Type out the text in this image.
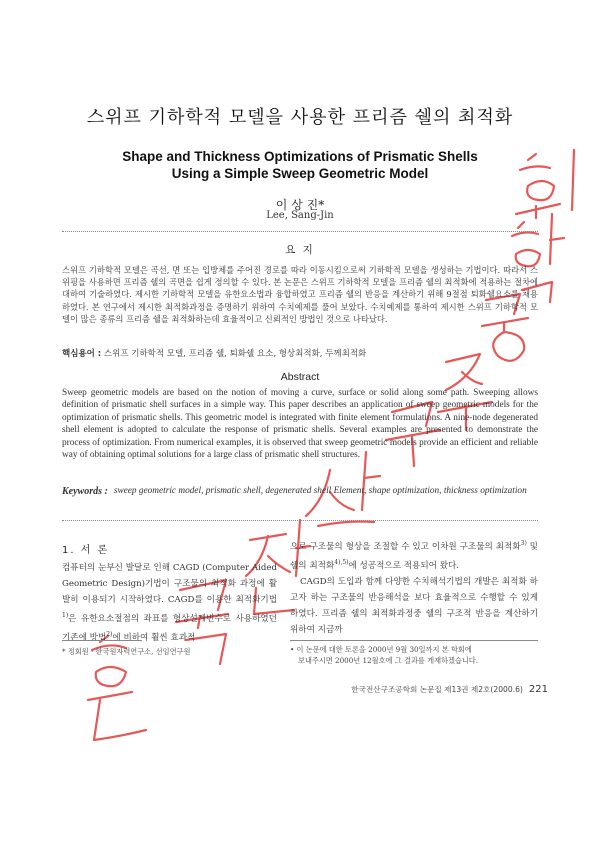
스위프 기하학적 모델을 사용한 프리즘 쉘의 최적화
Shape and Thickness Optimizations of Prismatic Shells
Using a Simple Sweep Geometric Model
이 상 진*
Lee, Sang-Jin
요 지
스위프 기하학적 모델은 곡선, 면 또는 입방체를 주어진 경로를 따라 이동시킴으로써 기하학적 모델을 생성하는 기법이다. 따라서 스위핑을 사용하면 프리즘 쉘의 곡면을 쉽게 정의할 수 있다. 본 논문은 스위프 기하학적 모델을 프리즘 쉘의 최적화에 적용하는 절차에 대하여 기술하였다. 제시한 기하학적 모델을 유한요소법과 융합하였고 프리즘 쉘의 반응을 계산하기 위해 9절점 퇴화쉘요소를 채용하였다. 본 연구에서 제시한 최적화과정을 증명하기 위하여 수치예제를 풀어 보았다. 수치예제를 통하여 제시한 스위프 기하학적 모델이 많은 종류의 프리즘 쉘을 최적화하는데 효율적이고 신뢰적인 방법인 것으로 나타났다.
핵심용어 : 스위프 기하학적 모델, 프리즘 쉘, 퇴화쉘 요소, 형상최적화, 두께최적화
Abstract
Sweep geometric models are based on the notion of moving a curve, surface or solid along some path. Sweeping allows definition of prismatic shell surfaces in a simple way. This paper describes an application of sweep geometric models for the optimization of prismatic shells. This geometric model is integrated with finite element formulations. A nine-node degenerated shell element is adopted to calculate the response of prismatic shells. Several examples are presented to demonstrate the process of optimization. From numerical examples, it is observed that sweep geometric models provide an efficient and reliable way of obtaining optimal solutions for a large class of prismatic shell structures.
Keywords : sweep geometric model, prismatic shell, degenerated shell Element, shape optimization, thickness optimization
1. 서 론
컴퓨터의 눈부신 발달로 인해 CAGD (Computer Aided Geometric Design)기법이 구조물의 최적화 과정에 활발히 이용되기 시작하였다. CAGD를 이용한 최적화기법$^{1)}$은 유한요소절점의 좌표를 형상설계변수로 사용하였던 기존에 방법$^{2)}$에 비하여 훨씬 효과적
으로 구조물의 형상을 조절할 수 있고 이차원 구조물의 최적화$^{3)}$ 및 쉘의 최적화$^{4),5)}$에 성공적으로 적용되어 왔다.
CAGD의 도입과 함께 다양한 수치해석기법의 개발은 최적화 하고자 하는 구조물의 반응해석을 보다 효율적으로 수행할 수 있게 하였다. 프리즘 쉘의 최적화과정중 쉘의 구조적 반응을 계산하기 위하여 지금까
* 정회원 · 한국원자력연구소, 선임연구원	• 이 논문에 대한 토론을 2000년 9월 30일까지 본 학회에
보내주시면 2000년 12월호에 그 결과를 게재하겠습니다.
한국전산구조공학회 논문집 제13권 제2호(2000.6) 221
